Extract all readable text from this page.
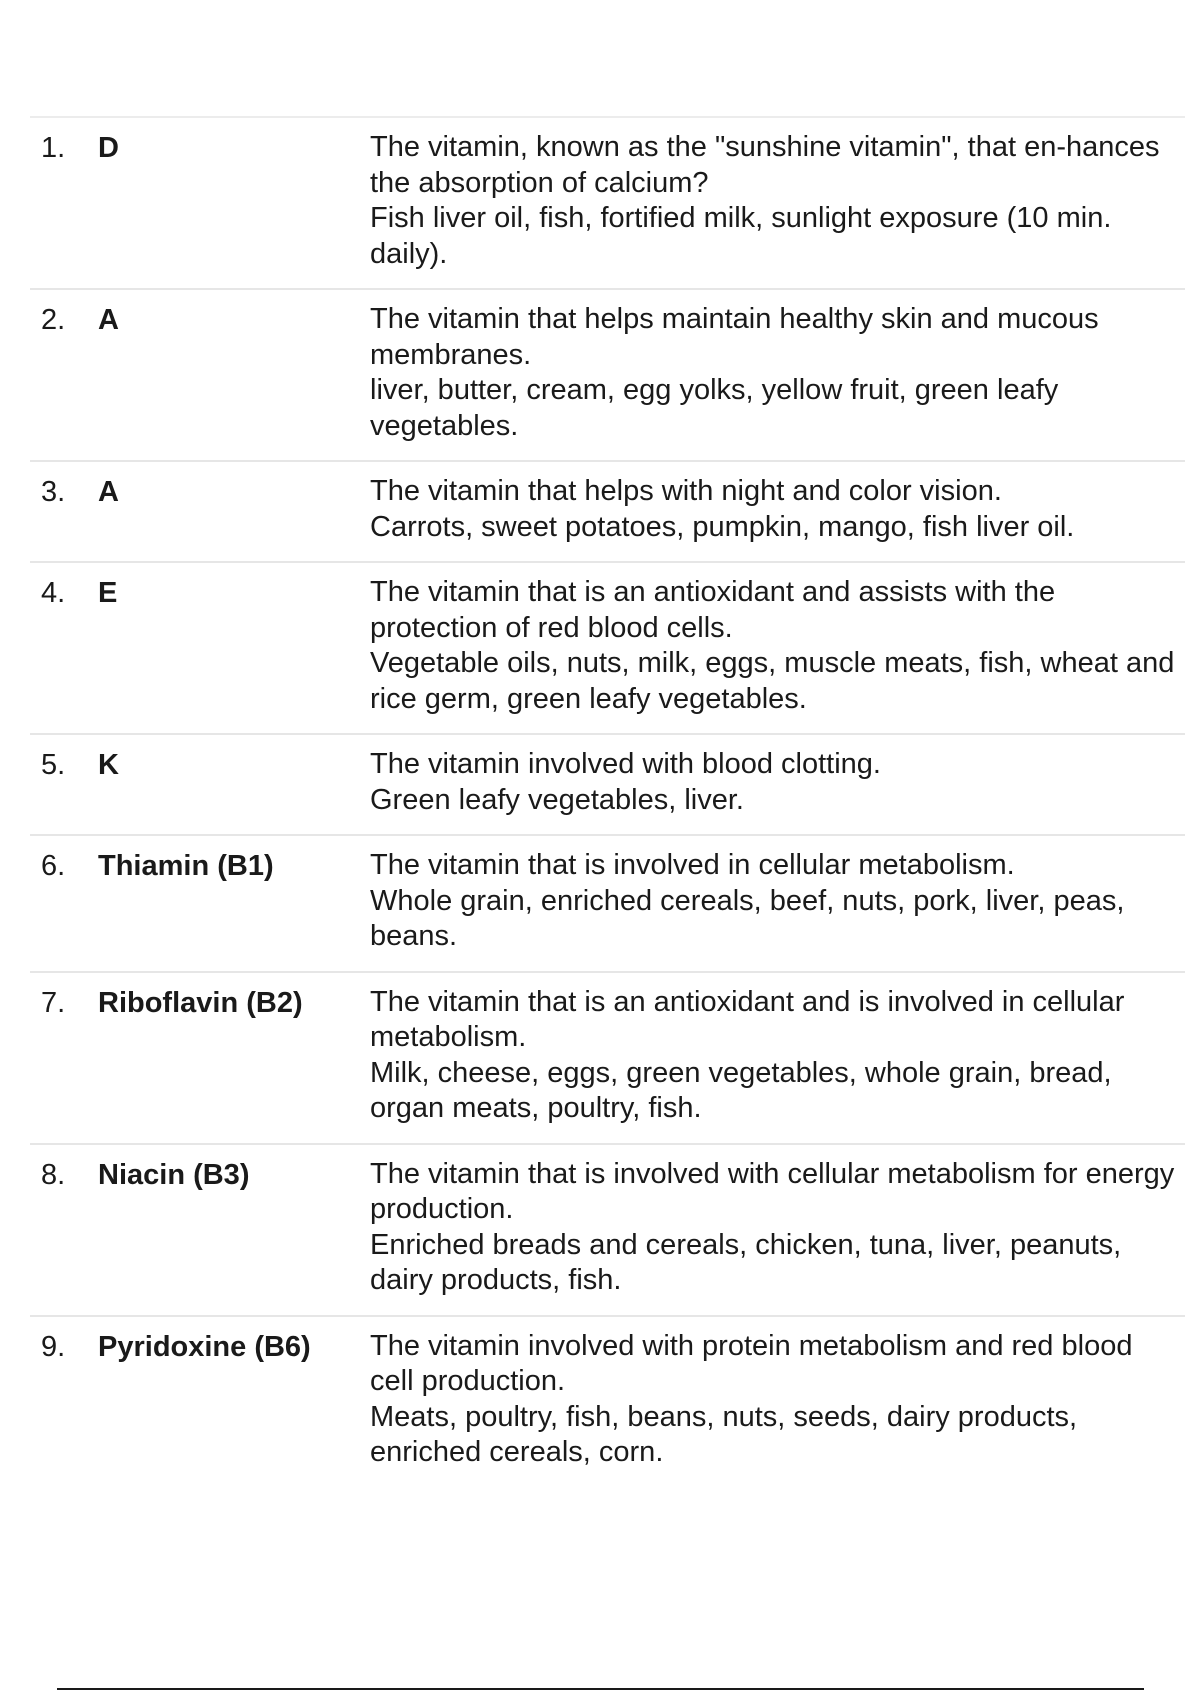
1.	D	The vitamin, known as the "sunshine vitamin", that en-hances the absorption of calcium?

Fish liver oil, fish, fortified milk, sunlight exposure (10 min. daily).

2.	A	The vitamin that helps maintain healthy skin and mucous membranes.

liver, butter, cream, egg yolks, yellow fruit, green leafy vegetables.

3.	A	The vitamin that helps with night and color vision.

Carrots, sweet potatoes, pumpkin, mango, fish liver oil.

4.	E	The vitamin that is an antioxidant and assists with the protection of red blood cells.

Vegetable oils, nuts, milk, eggs, muscle meats, fish, wheat and rice germ, green leafy vegetables.

5.	K	The vitamin involved with blood clotting.

Green leafy vegetables, liver.

6.	Thiamin (B1)	The vitamin that is involved in cellular metabolism.

Whole grain, enriched cereals, beef, nuts, pork, liver, peas, beans.

7.	Riboflavin (B2)	The vitamin that is an antioxidant and is involved in cellular metabolism.

Milk, cheese, eggs, green vegetables, whole grain, bread, organ meats, poultry, fish.

8.	Niacin (B3)	The vitamin that is involved with cellular metabolism for energy production.

Enriched breads and cereals, chicken, tuna, liver, peanuts, dairy products, fish.

9.	Pyridoxine (B6)	The vitamin involved with protein metabolism and red blood cell production.

Meats, poultry, fish, beans, nuts, seeds, dairy products, enriched cereals, corn.
